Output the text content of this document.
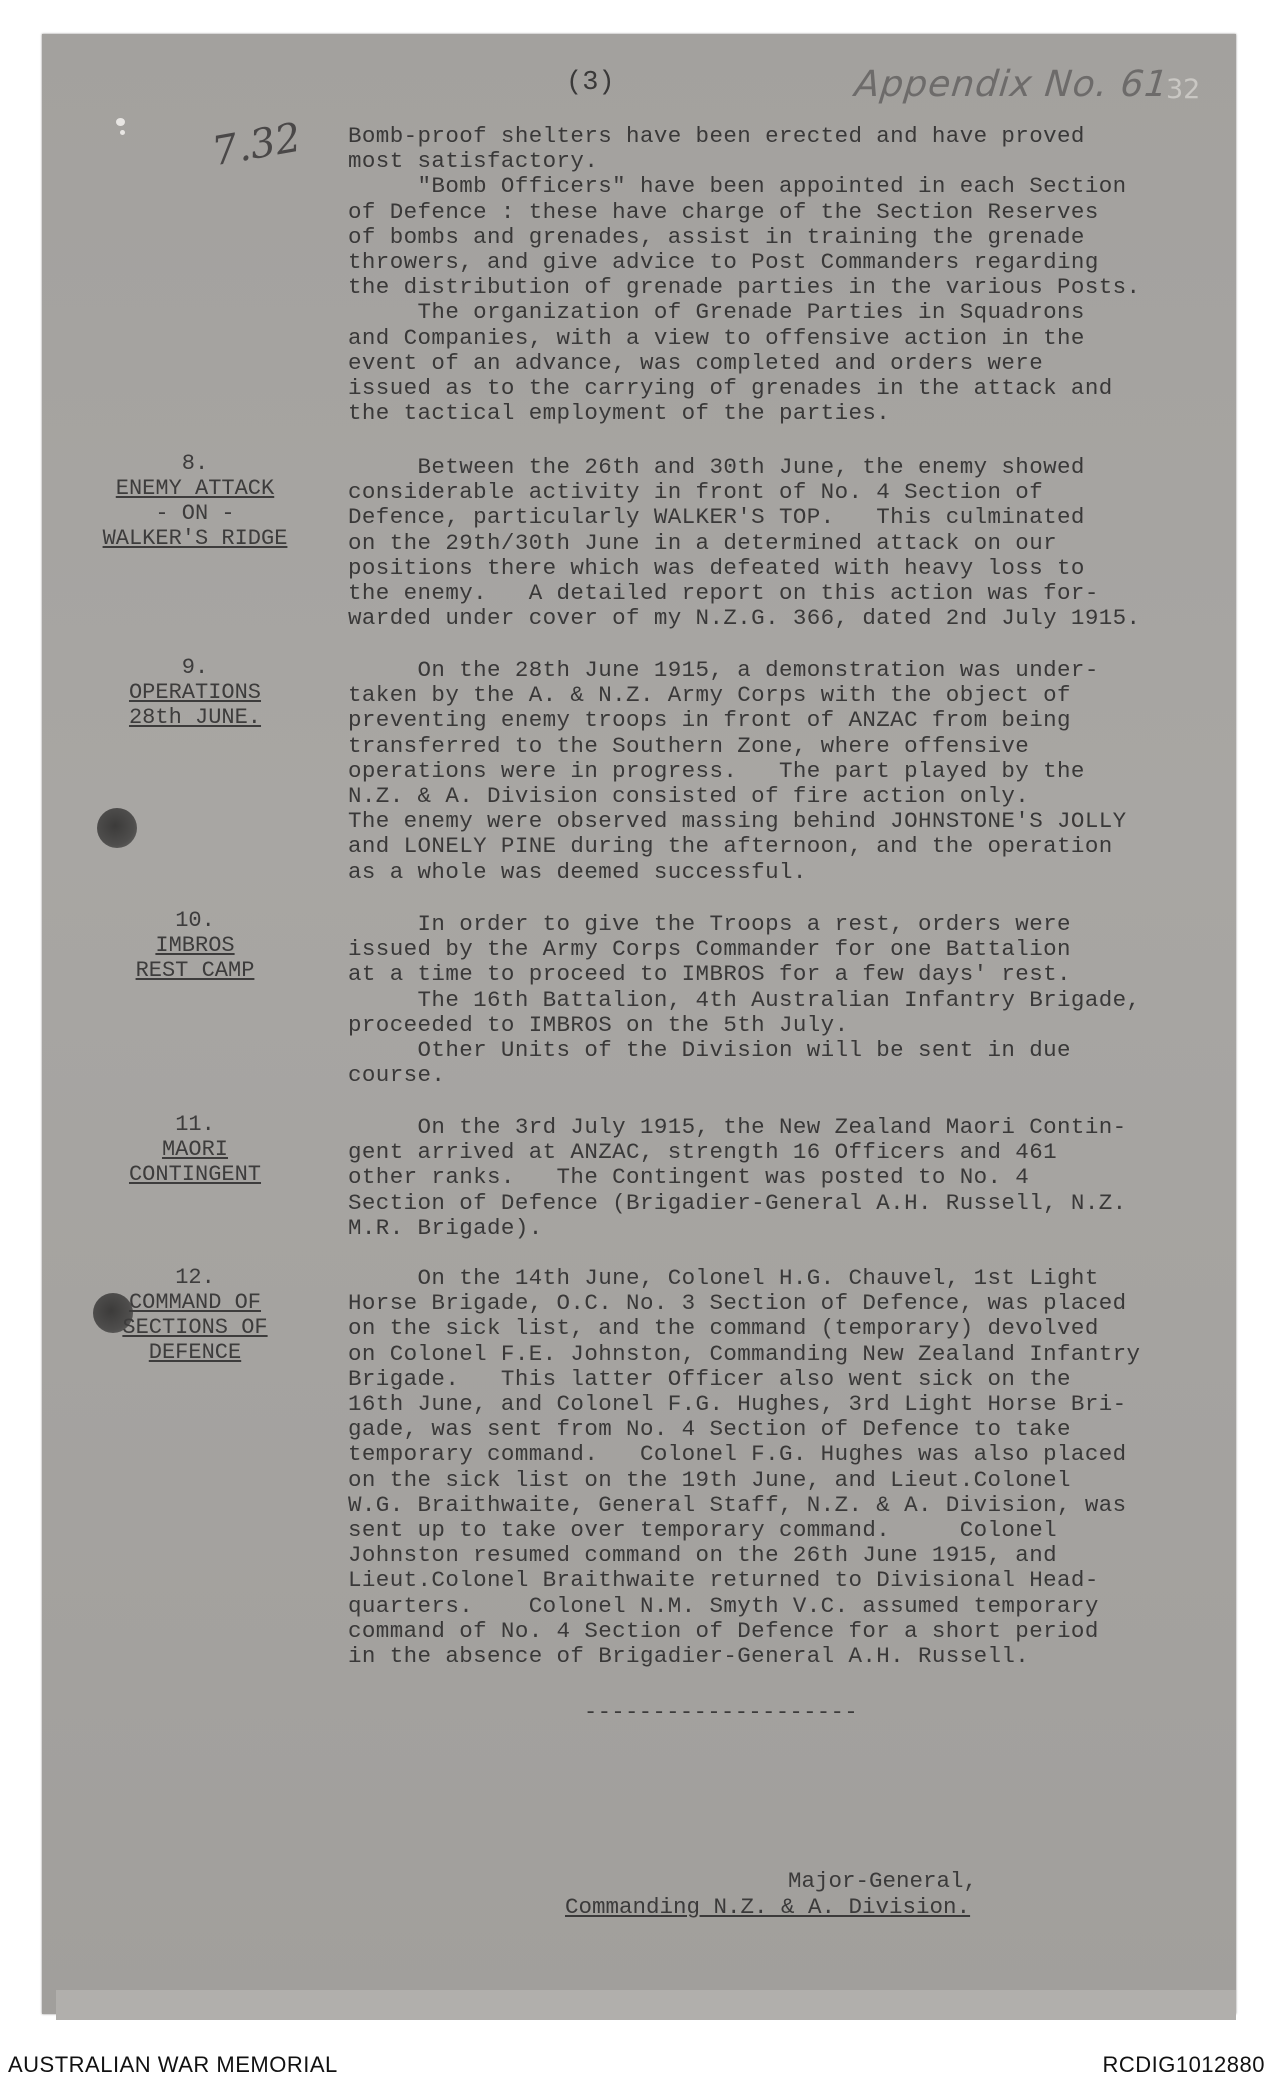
(3)	Appendix No. 61
32
7.32 Bomb-proof shelters have been erected and have proved
most satisfactory.
"Bomb Officers" have been appointed in each Section
of Defence : these have charge of the Section Reserves
of bombs and grenades, assist in training the grenade
throwers, and give advice to Post Commanders regarding
the distribution of grenade parties in the various Posts.
The organization of Grenade Parties in Squadrons
and Companies, with a view to offensive action in the
event of an advance, was completed and orders were
issued as to the carrying of grenades in the attack and
the tactical employment of the parties.
8.
ENEMY ATTACK
- ON -
WALKER'S RIDGE
Between the 26th and 30th June, the enemy showed
considerable activity in front of No. 4 Section of
Defence, particularly WALKER'S TOP.   This culminated
on the 29th/30th June in a determined attack on our
positions there which was defeated with heavy loss to
the enemy.   A detailed report on this action was for-
warded under cover of my N.Z.G. 366, dated 2nd July 1915.
9.
OPERATIONS
28th JUNE.
On the 28th June 1915, a demonstration was under-
taken by the A. & N.Z. Army Corps with the object of
preventing enemy troops in front of ANZAC from being
transferred to the Southern Zone, where offensive
operations were in progress.   The part played by the
N.Z. & A. Division consisted of fire action only.
The enemy were observed massing behind JOHNSTONE'S JOLLY
and LONELY PINE during the afternoon, and the operation
as a whole was deemed successful.
10.
IMBROS
REST CAMP
In order to give the Troops a rest, orders were
issued by the Army Corps Commander for one Battalion
at a time to proceed to IMBROS for a few days' rest.
The 16th Battalion, 4th Australian Infantry Brigade,
proceeded to IMBROS on the 5th July.
Other Units of the Division will be sent in due
course.
11.
MAORI
CONTINGENT
On the 3rd July 1915, the New Zealand Maori Contin-
gent arrived at ANZAC, strength 16 Officers and 461
other ranks.   The Contingent was posted to No. 4
Section of Defence (Brigadier-General A.H. Russell, N.Z.
M.R. Brigade).
12.
COMMAND OF
SECTIONS OF
DEFENCE
On the 14th June, Colonel H.G. Chauvel, 1st Light
Horse Brigade, O.C. No. 3 Section of Defence, was placed
on the sick list, and the command (temporary) devolved
on Colonel F.E. Johnston, Commanding New Zealand Infantry
Brigade.   This latter Officer also went sick on the
16th June, and Colonel F.G. Hughes, 3rd Light Horse Bri-
gade, was sent from No. 4 Section of Defence to take
temporary command.   Colonel F.G. Hughes was also placed
on the sick list on the 19th June, and Lieut.Colonel
W.G. Braithwaite, General Staff, N.Z. & A. Division, was
sent up to take over temporary command.     Colonel
Johnston resumed command on the 26th June 1915, and
Lieut.Colonel Braithwaite returned to Divisional Head-
quarters.    Colonel N.M. Smyth V.C. assumed temporary
command of No. 4 Section of Defence for a short period
in the absence of Brigadier-General A.H. Russell.
--------------------
Major-General,
Commanding N.Z. & A. Division.
AUSTRALIAN WAR MEMORIAL	RCDIG1012880
